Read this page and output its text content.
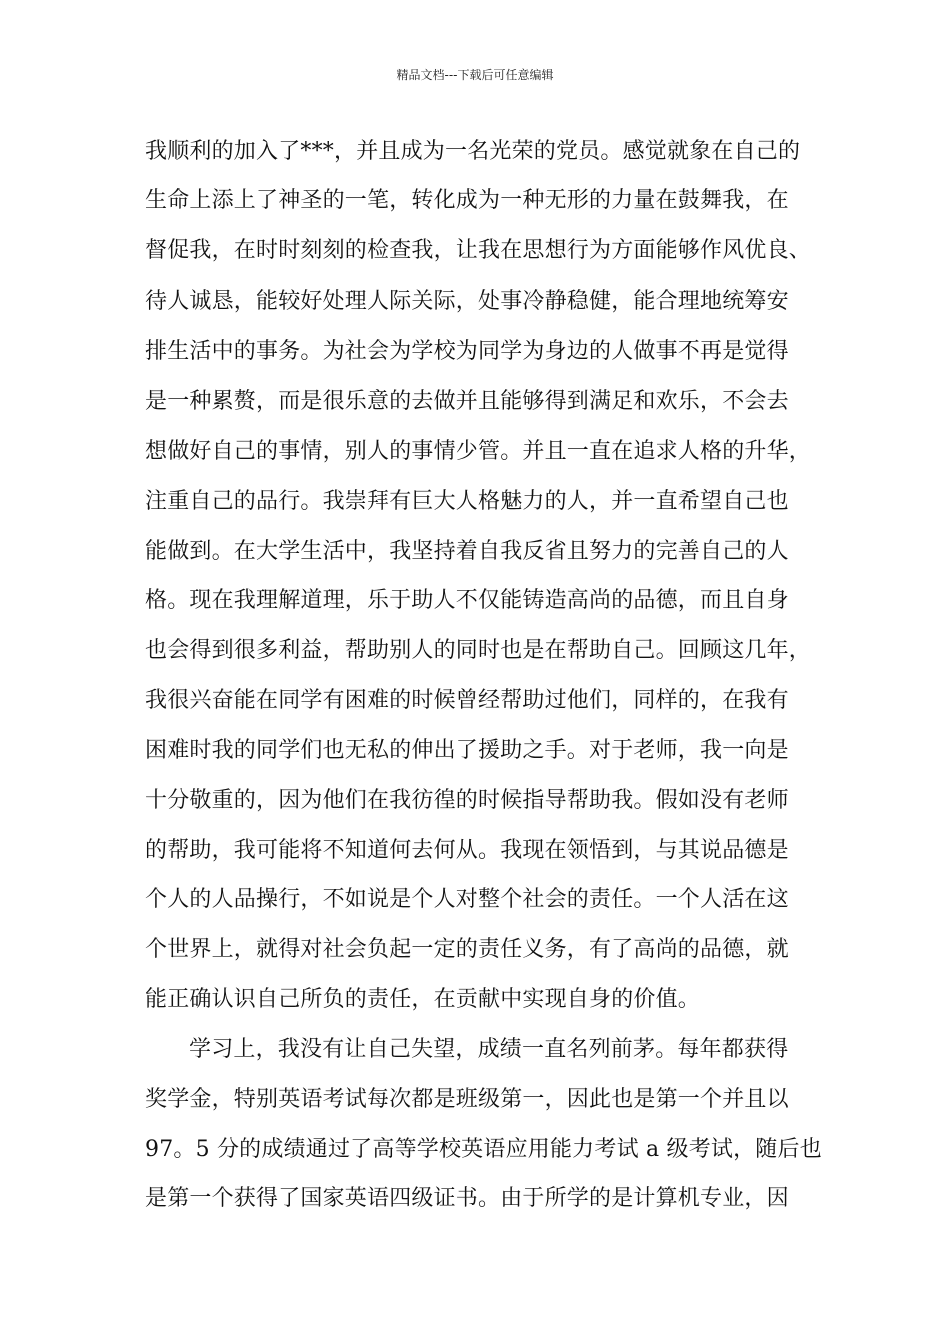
精品文档---下载后可任意编辑
我顺利的加入了***，并且成为一名光荣的党员。感觉就象在自己的
生命上添上了神圣的一笔，转化成为一种无形的力量在鼓舞我，在
督促我，在时时刻刻的检查我，让我在思想行为方面能够作风优良、
待人诚恳，能较好处理人际关际，处事冷静稳健，能合理地统筹安
排生活中的事务。为社会为学校为同学为身边的人做事不再是觉得
是一种累赘，而是很乐意的去做并且能够得到满足和欢乐，不会去
想做好自己的事情，别人的事情少管。并且一直在追求人格的升华，
注重自己的品行。我崇拜有巨大人格魅力的人，并一直希望自己也
能做到。在大学生活中，我坚持着自我反省且努力的完善自己的人
格。现在我理解道理，乐于助人不仅能铸造高尚的品德，而且自身
也会得到很多利益，帮助别人的同时也是在帮助自己。回顾这几年，
我很兴奋能在同学有困难的时候曾经帮助过他们，同样的，在我有
困难时我的同学们也无私的伸出了援助之手。对于老师，我一向是
十分敬重的，因为他们在我彷徨的时候指导帮助我。假如没有老师
的帮助，我可能将不知道何去何从。我现在领悟到，与其说品德是
个人的人品操行，不如说是个人对整个社会的责任。一个人活在这
个世界上，就得对社会负起一定的责任义务，有了高尚的品德，就
能正确认识自己所负的责任，在贡献中实现自身的价值。
学习上，我没有让自己失望，成绩一直名列前茅。每年都获得
奖学金，特别英语考试每次都是班级第一，因此也是第一个并且以
97。5 分的成绩通过了高等学校英语应用能力考试 a 级考试，随后也
是第一个获得了国家英语四级证书。由于所学的是计算机专业，因
